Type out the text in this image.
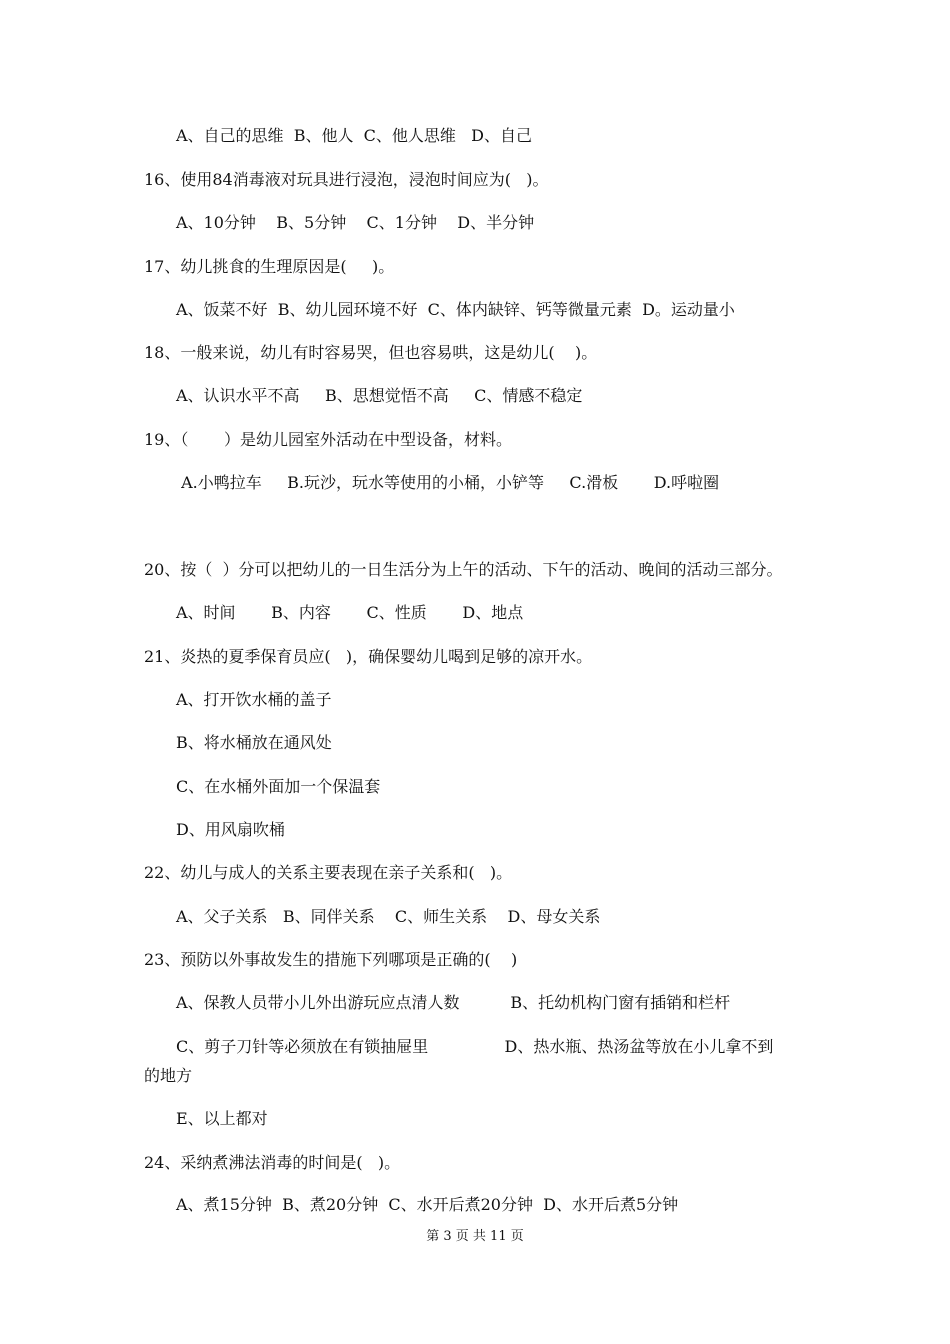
A、自己的思维  B、他人  C、他人思维   D、自己
16、使用84消毒液对玩具进行浸泡，浸泡时间应为(   )。
A、10分钟    B、5分钟    C、1分钟    D、半分钟
17、幼儿挑食的生理原因是(     )。
A、饭菜不好  B、幼儿园环境不好  C、体内缺锌、钙等微量元素  D。运动量小
18、一般来说，幼儿有时容易哭，但也容易哄，这是幼儿(    )。
A、认识水平不高     B、思想觉悟不高     C、情感不稳定
19、（       ）是幼儿园室外活动在中型设备，材料。
A.小鸭拉车     B.玩沙，玩水等使用的小桶，小铲等     C.滑板       D.呼啦圈
20、按（  ）分可以把幼儿的一日生活分为上午的活动、下午的活动、晚间的活动三部分。
A、时间       B、内容       C、性质       D、地点
21、炎热的夏季保育员应(   )，确保婴幼儿喝到足够的凉开水。
A、打开饮水桶的盖子
B、将水桶放在通风处
C、在水桶外面加一个保温套
D、用风扇吹桶
22、幼儿与成人的关系主要表现在亲子关系和(   )。
A、父子关系   B、同伴关系    C、师生关系    D、母女关系
23、预防以外事故发生的措施下列哪项是正确的(    )
A、保教人员带小儿外出游玩应点清人数          B、托幼机构门窗有插销和栏杆
C、剪子刀针等必须放在有锁抽屉里               D、热水瓶、热汤盆等放在小儿拿不到
的地方
E、以上都对
24、采纳煮沸法消毒的时间是(   )。
A、煮15分钟  B、煮20分钟  C、水开后煮20分钟  D、水开后煮5分钟
第 3 页 共 11 页
